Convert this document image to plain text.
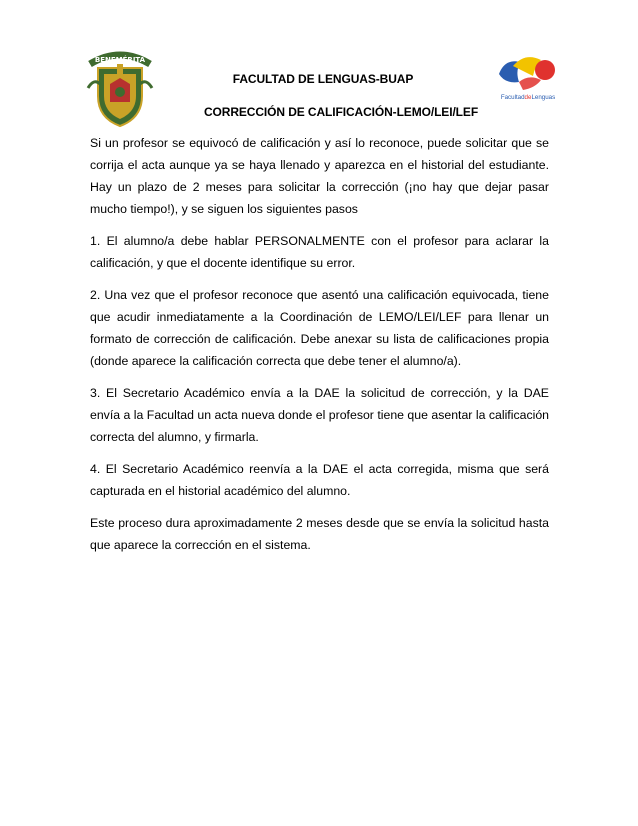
BENEMÉRITA
FacultaddeLenguas
FACULTAD DE LENGUAS-BUAP
CORRECCIÓN DE CALIFICACIÓN-LEMO/LEI/LEF

Si un profesor se equivocó de calificación y así lo reconoce, puede solicitar que se corrija el acta aunque ya se haya llenado y aparezca en el historial del estudiante. Hay un plazo de 2 meses para solicitar la corrección (¡no hay que dejar pasar mucho tiempo!), y se siguen los siguientes pasos

1. El alumno/a debe hablar PERSONALMENTE con el profesor para aclarar la calificación, y que el docente identifique su error.

2. Una vez que el profesor reconoce que asentó una calificación equivocada, tiene que acudir inmediatamente a la Coordinación de LEMO/LEI/LEF para llenar un formato de corrección de calificación. Debe anexar su lista de calificaciones propia (donde aparece la calificación correcta que debe tener el alumno/a).

3. El Secretario Académico envía a la DAE la solicitud de corrección, y la DAE envía a la Facultad un acta nueva donde el profesor tiene que asentar la calificación correcta del alumno, y firmarla.

4. El Secretario Académico reenvía a la DAE el acta corregida, misma que será capturada en el historial académico del alumno.

Este proceso dura aproximadamente 2 meses desde que se envía la solicitud hasta que aparece la corrección en el sistema.
